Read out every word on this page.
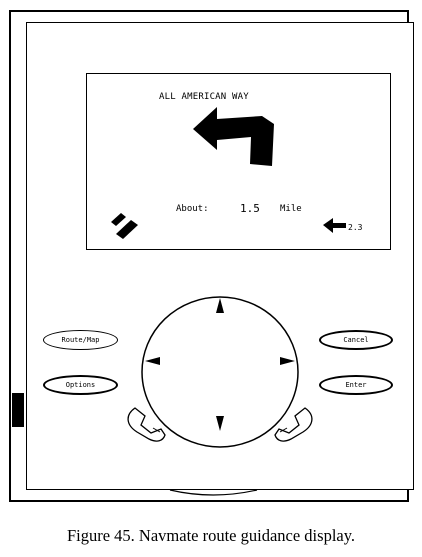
ALL AMERICAN WAY
About:	1.5 Mile
2.3
Route/Map
Options
Cancel
Enter
Figure 45. Navmate route guidance display.
